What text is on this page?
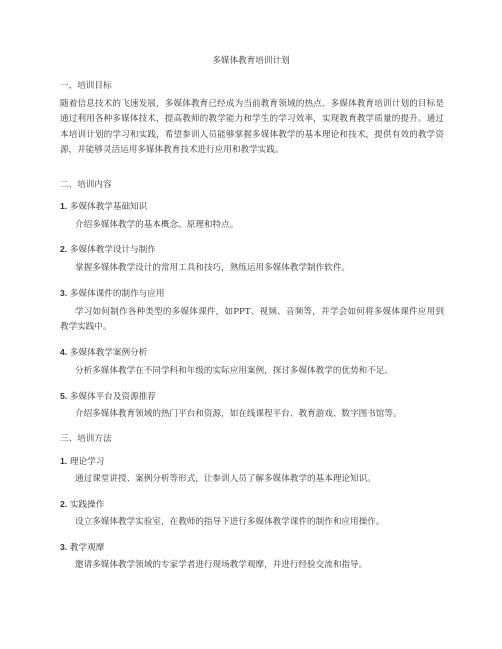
多媒体教育培训计划
一、培训目标
随着信息技术的飞速发展，多媒体教育已经成为当前教育领域的热点。多媒体教育培训计划的目标是通过利用各种多媒体技术，提高教师的教学能力和学生的学习效率，实现教育教学质量的提升。通过本培训计划的学习和实践，希望参训人员能够掌握多媒体教学的基本理论和技术，提供有效的教学资源，并能够灵活运用多媒体教育技术进行应用和教学实践。
二、培训内容
1. 多媒体教学基础知识
介绍多媒体教学的基本概念、原理和特点。
2. 多媒体教学设计与制作
掌握多媒体教学设计的常用工具和技巧，熟练运用多媒体教学制作软件。
3. 多媒体课件的制作与应用
学习如何制作各种类型的多媒体课件，如PPT、视频、音频等，并学会如何将多媒体课件应用到教学实践中。
4. 多媒体教学案例分析
分析多媒体教学在不同学科和年级的实际应用案例，探讨多媒体教学的优势和不足。
5. 多媒体平台及资源推荐
介绍多媒体教育领域的热门平台和资源，如在线课程平台、教育游戏、数字图书馆等。
三、培训方法
1. 理论学习
通过课堂讲授、案例分析等形式，让参训人员了解多媒体教学的基本理论知识。
2. 实践操作
设立多媒体教学实验室，在教师的指导下进行多媒体教学课件的制作和应用操作。
3. 教学观摩
邀请多媒体教学领域的专家学者进行现场教学观摩，并进行经验交流和指导。
